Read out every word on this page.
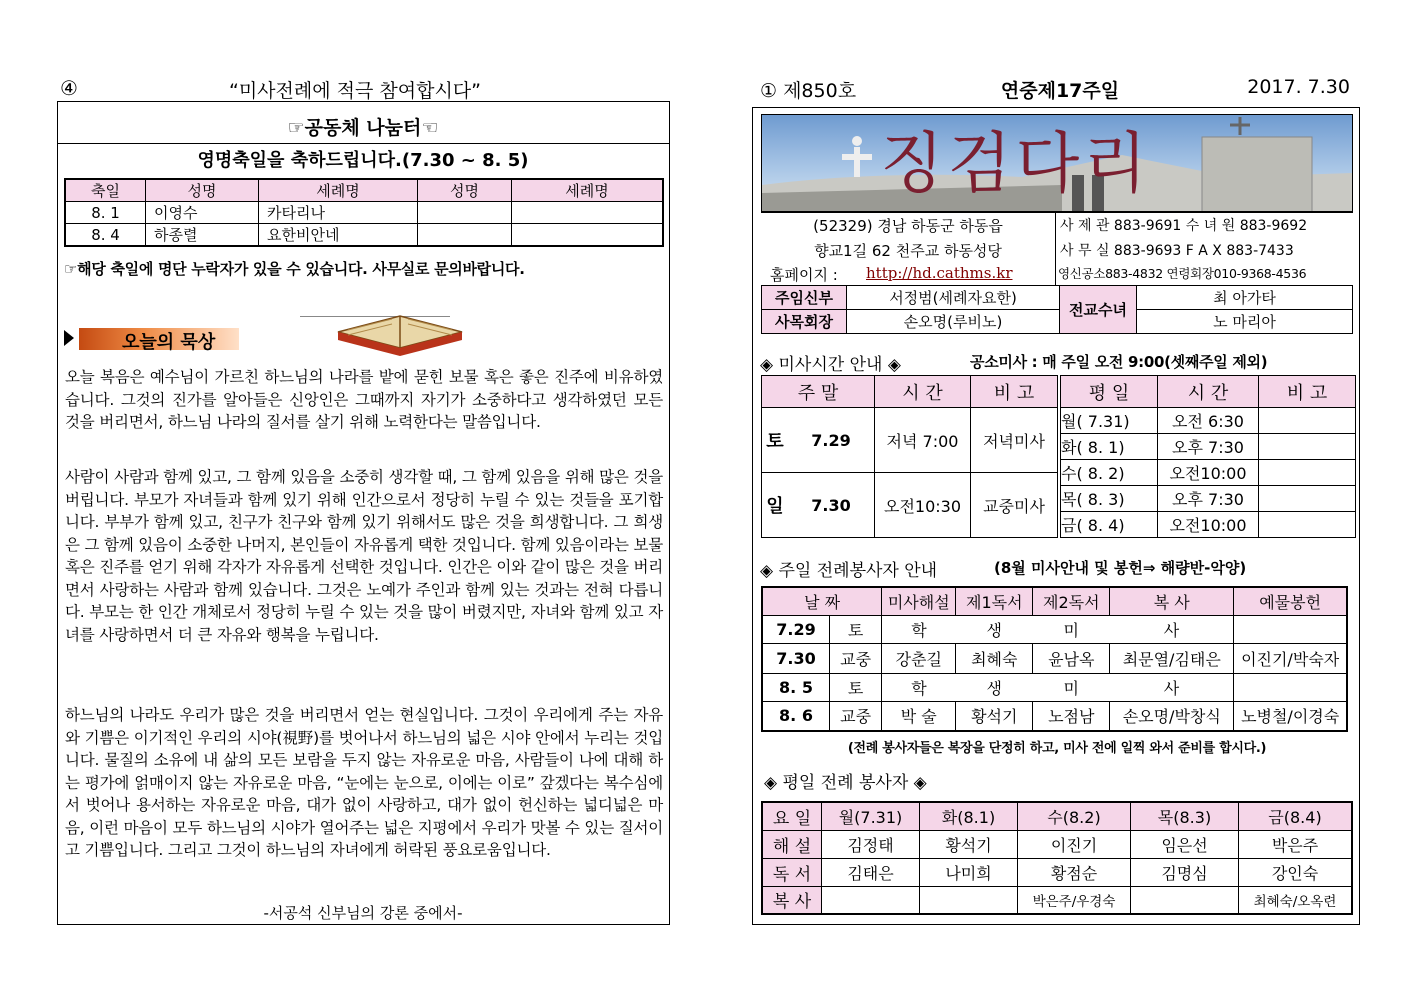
④	“미사전례에 적극 참여합시다”
☞공동체 나눔터☜
영명축일을 축하드립니다.(7.30 ~ 8. 5)
축일	성명	세례명	성명	세례명
8. 1	이영수	카타리나		
8. 4	하종렬	요한비안네		
☞해당 축일에 명단 누락자가 있을 수 있습니다. 사무실로 문의바랍니다.
오늘의 묵상
오늘 복음은 예수님이 가르친 하느님의 나라를 밭에 묻힌 보물 혹은 좋은 진주에 비유하였습니다. 그것의 진가를 알아들은 신앙인은 그때까지 자기가 소중하다고 생각하였던 모든 것을 버리면서, 하느님 나라의 질서를 살기 위해 노력한다는 말씀입니다.
사람이 사람과 함께 있고, 그 함께 있음을 소중히 생각할 때, 그 함께 있음을 위해 많은 것을 버립니다. 부모가 자녀들과 함께 있기 위해 인간으로서 정당히 누릴 수 있는 것들을 포기합니다. 부부가 함께 있고, 친구가 친구와 함께 있기 위해서도 많은 것을 희생합니다. 그 희생은 그 함께 있음이 소중한 나머지, 본인들이 자유롭게 택한 것입니다. 함께 있음이라는 보물 혹은 진주를 얻기 위해 각자가 자유롭게 선택한 것입니다. 인간은 이와 같이 많은 것을 버리면서 사랑하는 사람과 함께 있습니다. 그것은 노예가 주인과 함께 있는 것과는 전혀 다릅니다. 부모는 한 인간 개체로서 정당히 누릴 수 있는 것을 많이 버렸지만, 자녀와 함께 있고 자녀를 사랑하면서 더 큰 자유와 행복을 누립니다.
하느님의 나라도 우리가 많은 것을 버리면서 얻는 현실입니다. 그것이 우리에게 주는 자유와 기쁨은 이기적인 우리의 시야(視野)를 벗어나서 하느님의 넓은 시야 안에서 누리는 것입니다. 물질의 소유에 내 삶의 모든 보람을 두지 않는 자유로운 마음, 사람들이 나에 대해 하는 평가에 얽매이지 않는 자유로운 마음, “눈에는 눈으로, 이에는 이로” 갚겠다는 복수심에서 벗어나 용서하는 자유로운 마음, 대가 없이 사랑하고, 대가 없이 헌신하는 넓디넓은 마음, 이런 마음이 모두 하느님의 시야가 열어주는 넓은 지평에서 우리가 맛볼 수 있는 질서이고 기쁨입니다. 그리고 그것이 하느님의 자녀에게 허락된 풍요로움입니다.
-서공석 신부님의 강론 중에서-
① 제850호	연중제17주일	2017. 7.30
징검다리
(52329) 경남 하동군 하동읍
향교1길 62 천주교 하동성당
홈페이지 : http://hd.cathms.kr
사 제 관 883-9691 수 녀 원 883-9692
사 무 실 883-9693 F A X 883-7433
영신공소883-4832 연령회장010-9368-4536
주임신부	서정범(세례자요한)	전교수녀	최 아가타
사목회장	손오명(루비노)		노 마리아
◈ 미사시간 안내 ◈	공소미사 : 매 주일 오전 9:00(셋째주일 제외)
주 말		시 간	비 고
토	7.29	저녁 7:00	저녁미사
일	7.30	오전10:30	교중미사
평 일	시 간	비 고
월( 7.31)	오전 6:30	
화( 8. 1)	오후 7:30	
수( 8. 2)	오전10:00	
목( 8. 3)	오후 7:30	
금( 8. 4)	오전10:00	
◈ 주일 전례봉사자 안내	(8월 미사안내 및 봉헌⇒ 해량반-악양)
날 짜		미사해설	제1독서	제2독서	복 사	예물봉헌
7.29	토	학	생	미	사	
7.30	교중	강춘길	최혜숙	윤남옥	최문열/김태은	이진기/박숙자
8. 5	토	학	생	미	사	
8. 6	교중	박 술	황석기	노점남	손오명/박창식	노병철/이경숙
(전례 봉사자들은 복장을 단정히 하고, 미사 전에 일찍 와서 준비를 합시다.)
◈ 평일 전례 봉사자 ◈
요 일	월(7.31)	화(8.1)	수(8.2)	목(8.3)	금(8.4)
해 설	김정태	황석기	이진기	임은선	박은주
독 서	김태은	나미희	황점순	김명심	강인숙
복 사			박은주/우경숙		최혜숙/오옥련
